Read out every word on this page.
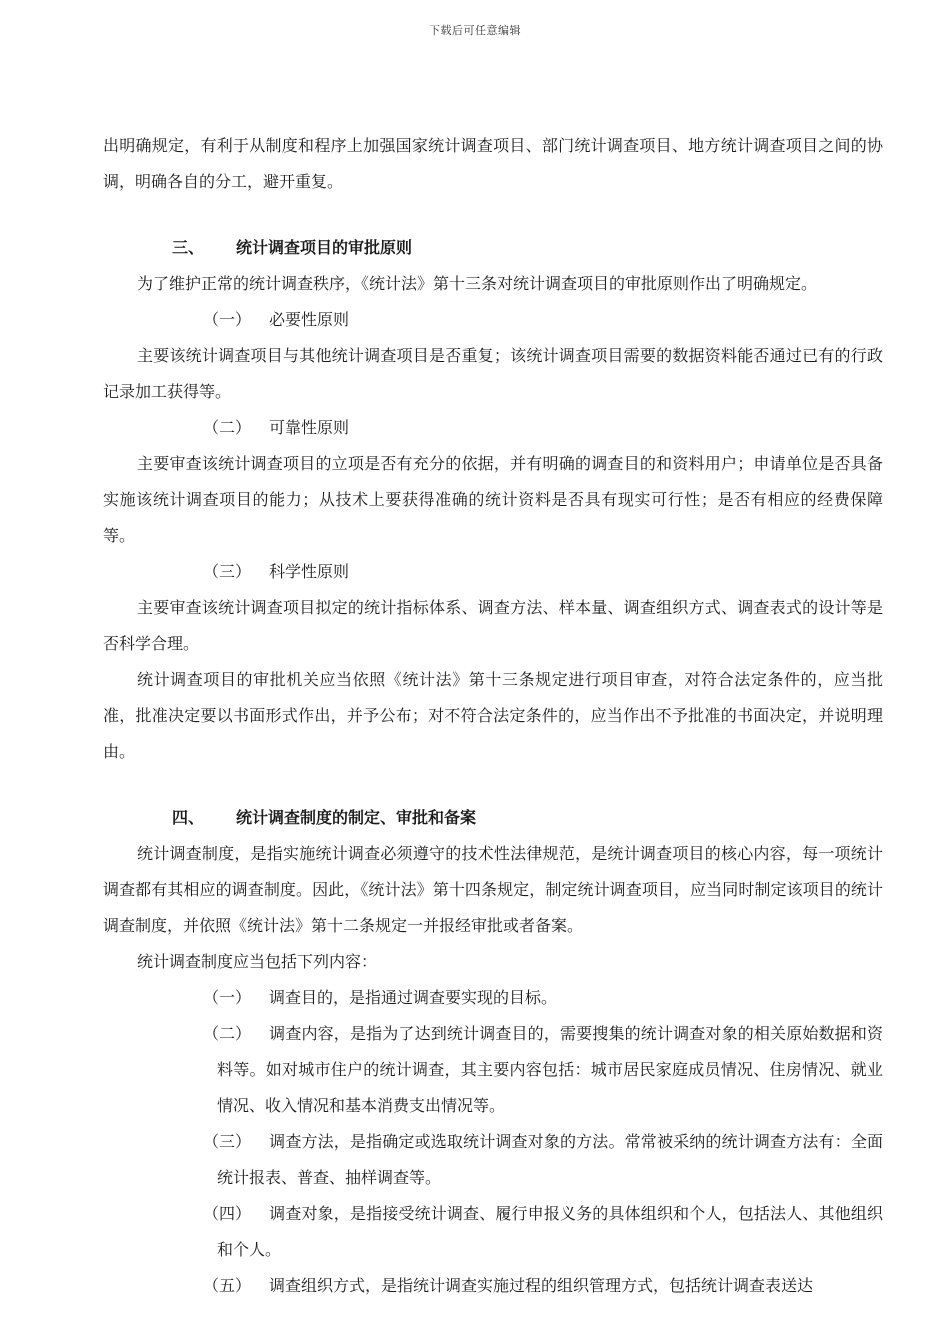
下载后可任意编辑

出明确规定，有利于从制度和程序上加强国家统计调查项目、部门统计调查项目、地方统计调查项目之间的协调，明确各自的分工，避开重复。

三、 统计调查项目的审批原则

为了维护正常的统计调查秩序，《统计法》第十三条对统计调查项目的审批原则作出了明确规定。

（一） 必要性原则

主要该统计调查项目与其他统计调查项目是否重复；该统计调查项目需要的数据资料能否通过已有的行政记录加工获得等。

（二） 可靠性原则

主要审查该统计调查项目的立项是否有充分的依据，并有明确的调查目的和资料用户；申请单位是否具备实施该统计调查项目的能力；从技术上要获得准确的统计资料是否具有现实可行性；是否有相应的经费保障等。

（三） 科学性原则

主要审查该统计调查项目拟定的统计指标体系、调查方法、样本量、调查组织方式、调查表式的设计等是否科学合理。

统计调查项目的审批机关应当依照《统计法》第十三条规定进行项目审查，对符合法定条件的，应当批准，批准决定要以书面形式作出，并予公布；对不符合法定条件的，应当作出不予批准的书面决定，并说明理由。

四、 统计调查制度的制定、审批和备案

统计调查制度，是指实施统计调查必须遵守的技术性法律规范，是统计调查项目的核心内容，每一项统计调查都有其相应的调查制度。因此，《统计法》第十四条规定，制定统计调查项目，应当同时制定该项目的统计调查制度，并依照《统计法》第十二条规定一并报经审批或者备案。

统计调查制度应当包括下列内容：

（一） 调查目的，是指通过调查要实现的目标。

（二） 调查内容，是指为了达到统计调查目的，需要搜集的统计调查对象的相关原始数据和资料等。如对城市住户的统计调查，其主要内容包括：城市居民家庭成员情况、住房情况、就业情况、收入情况和基本消费支出情况等。

（三） 调查方法，是指确定或选取统计调查对象的方法。常常被采纳的统计调查方法有：全面统计报表、普查、抽样调查等。

（四） 调查对象，是指接受统计调查、履行申报义务的具体组织和个人，包括法人、其他组织和个人。

（五） 调查组织方式，是指统计调查实施过程的组织管理方式，包括统计调查表送达
